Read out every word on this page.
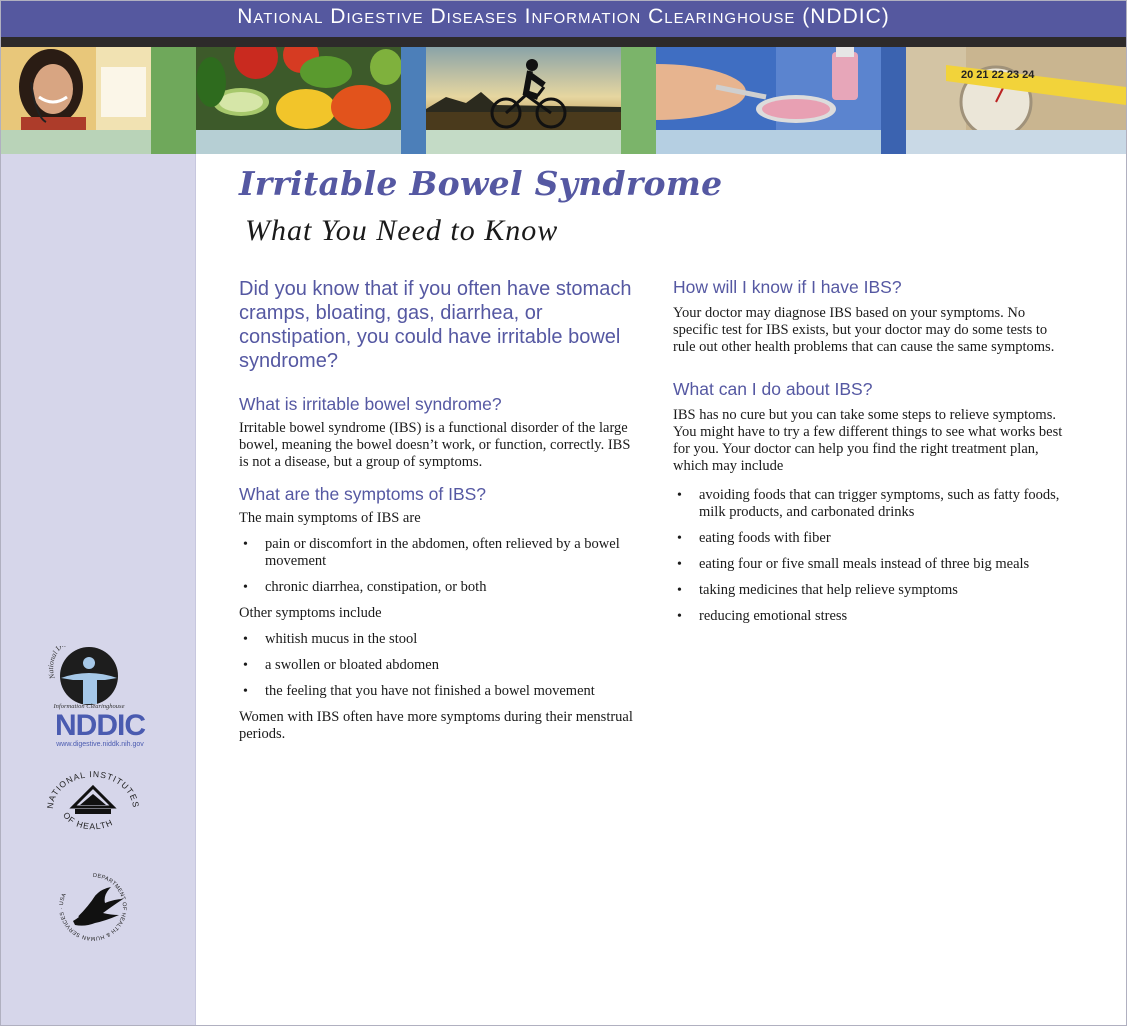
National Digestive Diseases Information Clearinghouse (NDDIC)
20 21 22 23 24
National D
Information Clearinghouse
NDDIC
www.digestive.niddk.nih.gov
NATIONAL INSTITUTES
OF HEALTH
DEPARTMENT OF HEALTH & HUMAN SERVICES · USA
Irritable Bowel Syndrome
What You Need to Know

Did you know that if you often have stomach cramps, bloating, gas, diarrhea, or constipation, you could have irritable bowel syndrome?

What is irritable bowel syndrome?

Irritable bowel syndrome (IBS) is a functional disorder of the large bowel, meaning the bowel doesn’t work, or function, correctly. IBS is not a disease, but a group of symptoms.

What are the symptoms of IBS?

The main symptoms of IBS are

• pain or discomfort in the abdomen, often relieved by a bowel movement
• chronic diarrhea, constipation, or both

Other symptoms include

• whitish mucus in the stool
• a swollen or bloated abdomen
• the feeling that you have not finished a bowel movement

Women with IBS often have more symptoms during their menstrual periods.

How will I know if I have IBS?

Your doctor may diagnose IBS based on your symptoms. No specific test for IBS exists, but your doctor may do some tests to rule out other health problems that can cause the same symptoms.

What can I do about IBS?

IBS has no cure but you can take some steps to relieve symptoms. You might have to try a few different things to see what works best for you. Your doctor can help you find the right treatment plan, which may include

• avoiding foods that can trigger symptoms, such as fatty foods, milk products, and carbonated drinks
• eating foods with fiber
• eating four or five small meals instead of three big meals
• taking medicines that help relieve symptoms
• reducing emotional stress
